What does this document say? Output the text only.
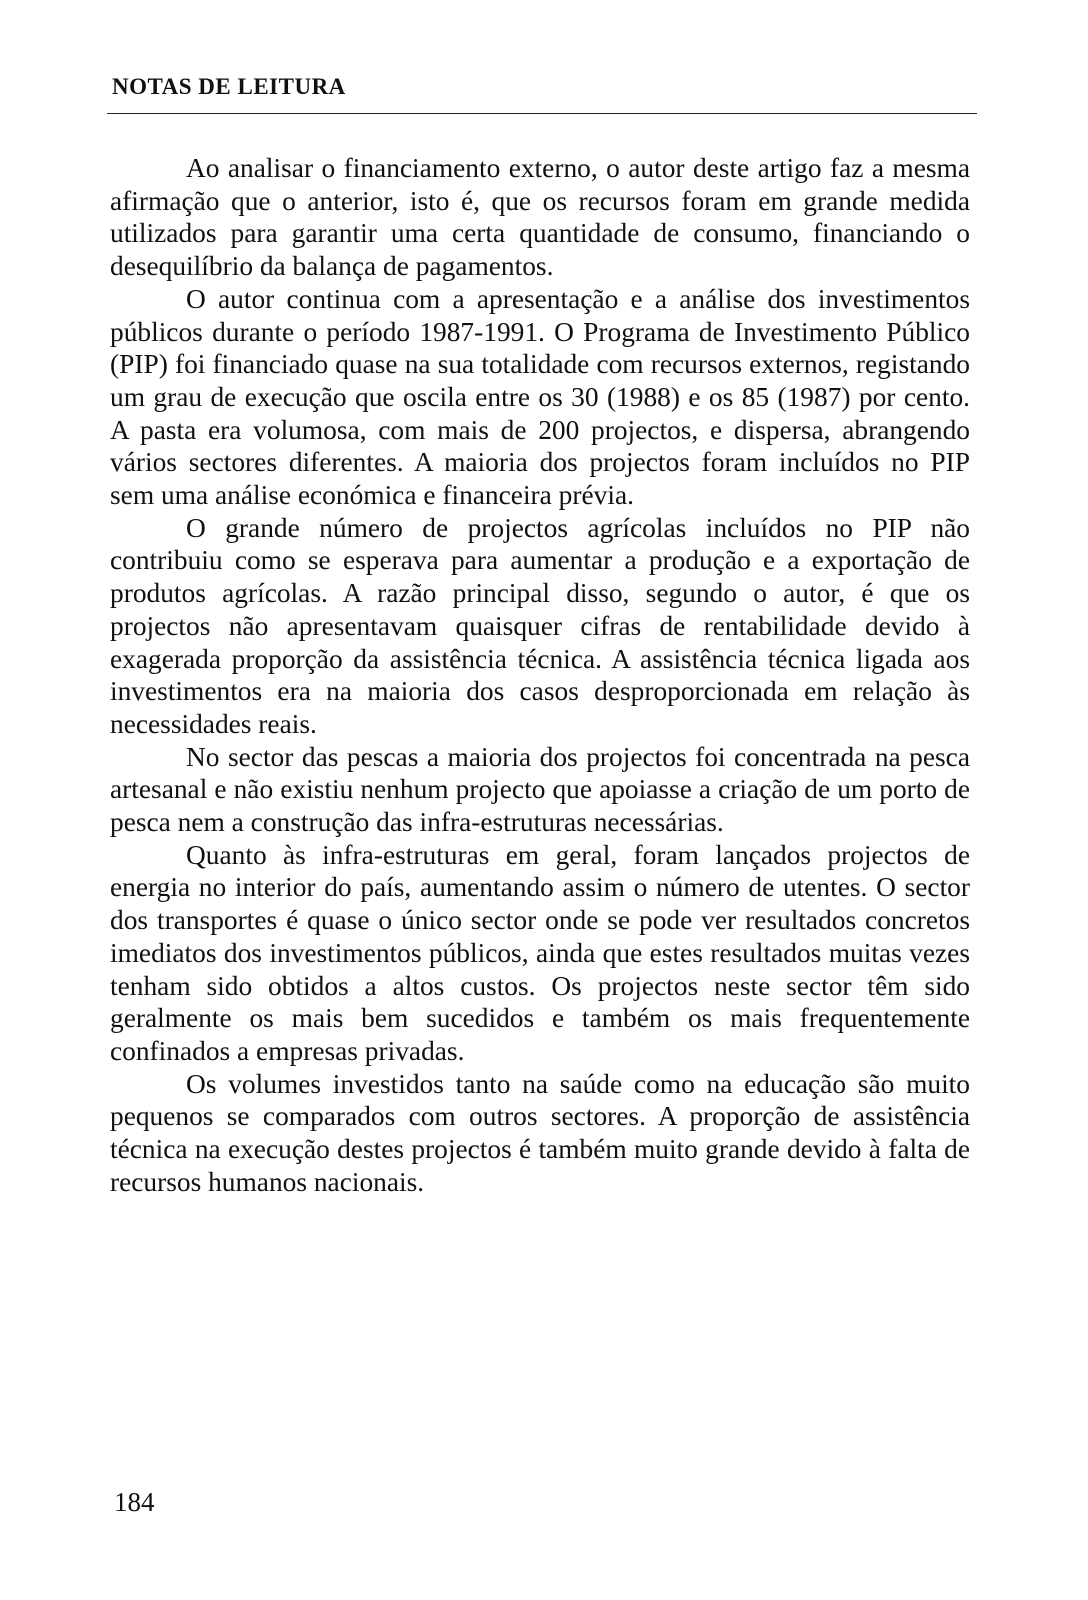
NOTAS DE LEITURA

Ao analisar o financiamento externo, o autor deste artigo faz a mesma afirmação que o anterior, isto é, que os recursos foram em grande medida utilizados para garantir uma certa quantidade de consumo, financiando o desequilíbrio da balança de pagamentos.

O autor continua com a apresentação e a análise dos investimentos públicos durante o período 1987-1991. O Programa de Investimento Público (PIP) foi financiado quase na sua totalidade com recursos externos, registando um grau de execução que oscila entre os 30 (1988) e os 85 (1987) por cento. A pasta era volumosa, com mais de 200 projectos, e dispersa, abrangendo vários sectores diferentes. A maioria dos projectos foram incluídos no PIP sem uma análise económica e financeira prévia.

O grande número de projectos agrícolas incluídos no PIP não contribuiu como se esperava para aumentar a produção e a exportação de produtos agrícolas. A razão principal disso, segundo o autor, é que os projectos não apresentavam quaisquer cifras de rentabilidade devido à exagerada proporção da assistência técnica. A assistência técnica ligada aos investimentos era na maioria dos casos desproporcionada em relação às necessidades reais.

No sector das pescas a maioria dos projectos foi concentrada na pesca artesanal e não existiu nenhum projecto que apoiasse a criação de um porto de pesca nem a construção das infra-estruturas necessárias.

Quanto às infra-estruturas em geral, foram lançados projectos de energia no interior do país, aumentando assim o número de utentes. O sector dos transportes é quase o único sector onde se pode ver resultados concretos imediatos dos investimentos públicos, ainda que estes resultados muitas vezes tenham sido obtidos a altos custos. Os projectos neste sector têm sido geralmente os mais bem sucedidos e também os mais frequentemente confinados a empresas privadas.

Os volumes investidos tanto na saúde como na educação são muito pequenos se comparados com outros sectores. A proporção de assistência técnica na execução destes projectos é também muito grande devido à falta de recursos humanos nacionais.

184
